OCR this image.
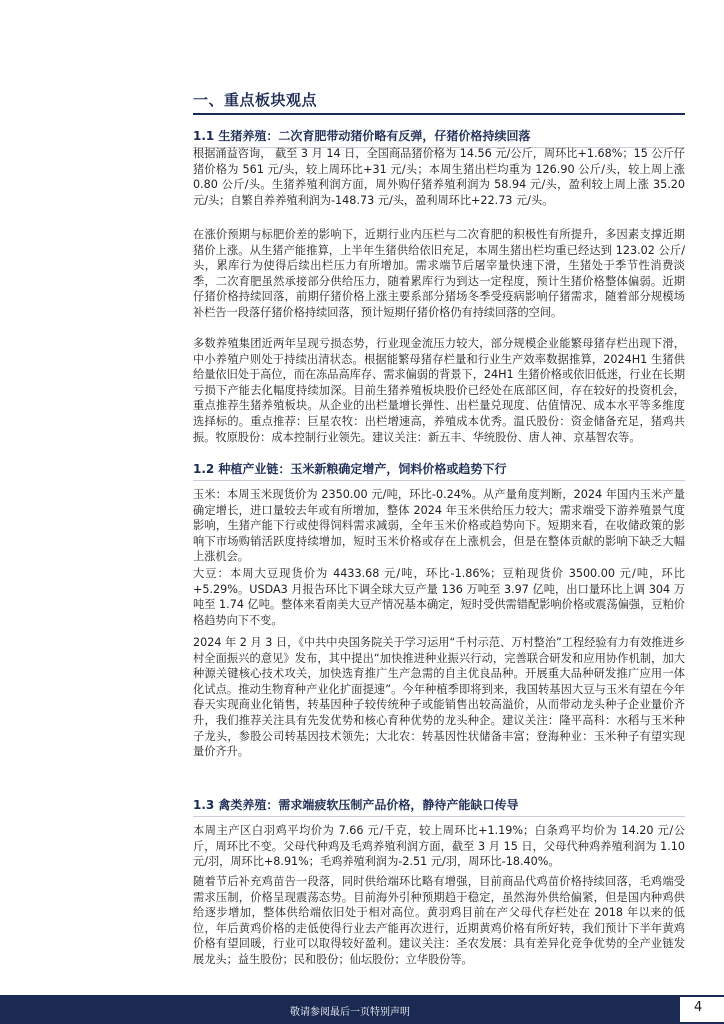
一、重点板块观点
1.1 生猪养殖：二次育肥带动猪价略有反弹，仔猪价格持续回落

根据涌益咨询， 截至 3 月 14 日，全国商品猪价格为 14.56 元/公斤，周环比+1.68%；15 公斤仔猪价格为 561 元/头，较上周环比+31 元/头；本周生猪出栏均重为 126.90 公斤/头，较上周上涨 0.80 公斤/头。生猪养殖利润方面，周外购仔猪养殖利润为 58.94 元/头，盈利较上周上涨 35.20 元/头；自繁自养养殖利润为-148.73 元/头，盈利周环比+22.73 元/头。

在涨价预期与标肥价差的影响下，近期行业内压栏与二次育肥的积极性有所提升，多因素支撑近期猪价上涨。从生猪产能推算，上半年生猪供给依旧充足，本周生猪出栏均重已经达到 123.02 公斤/头，累库行为使得后续出栏压力有所增加。需求端节后屠宰量快速下滑，生猪处于季节性消费淡季，二次育肥虽然承接部分供给压力，随着累库行为到达一定程度，预计生猪价格整体偏弱。近期仔猪价格持续回落，前期仔猪价格上涨主要系部分猪场冬季受疫病影响仔猪需求，随着部分规模场补栏告一段落仔猪价格持续回落，预计短期仔猪价格仍有持续回落的空间。

多数养殖集团近两年呈现亏损态势，行业现金流压力较大，部分规模企业能繁母猪存栏出现下滑，中小养殖户则处于持续出清状态。根据能繁母猪存栏量和行业生产效率数据推算，2024H1 生猪供给量依旧处于高位，而在冻品高库存、需求偏弱的背景下，24H1 生猪价格或依旧低迷，行业在长期亏损下产能去化幅度持续加深。目前生猪养殖板块股价已经处在底部区间，存在较好的投资机会，重点推荐生猪养殖板块。从企业的出栏量增长弹性、出栏量兑现度、估值情况、成本水平等多维度选择标的。重点推荐：巨星农牧：出栏增速高，养殖成本优秀。温氏股份：资金储备充足，猪鸡共振。牧原股份：成本控制行业领先。建议关注：新五丰、华统股份、唐人神、京基智农等。

1.2 种植产业链：玉米新粮确定增产，饲料价格或趋势下行

玉米：本周玉米现货价为 2350.00 元/吨，环比-0.24%。从产量角度判断，2024 年国内玉米产量确定增长，进口量较去年或有所增加，整体 2024 年玉米供给压力较大；需求端受下游养殖景气度影响，生猪产能下行或使得饲料需求减弱，全年玉米价格或趋势向下。短期来看，在收储政策的影响下市场购销活跃度持续增加，短时玉米价格或存在上涨机会，但是在整体贡献的影响下缺乏大幅上涨机会。

大豆：本周大豆现货价为 4433.68 元/吨，环比-1.86%；豆粕现货价 3500.00 元/吨，环比+5.29%。USDA3 月报告环比下调全球大豆产量 136 万吨至 3.97 亿吨，出口量环比上调 304 万吨至 1.74 亿吨。整体来看南美大豆产情况基本确定，短时受供需错配影响价格或震荡偏强，豆粕价格趋势向下不变。

2024 年 2 月 3 日，《中共中央国务院关于学习运用“千村示范、万村整治”工程经验有力有效推进乡村全面振兴的意见》发布，其中提出“加快推进种业振兴行动，完善联合研发和应用协作机制，加大种源关键核心技术攻关，加快选育推广生产急需的自主优良品种。开展重大品种研发推广应用一体化试点。推动生物育种产业化扩面提速”。今年种植季即将到来，我国转基因大豆与玉米有望在今年春天实现商业化销售，转基因种子较传统种子或能销售出较高溢价，从而带动龙头种子企业量价齐升，我们推荐关注具有先发优势和核心育种优势的龙头种企。建议关注：隆平高科：水稻与玉米种子龙头，参股公司转基因技术领先；大北农：转基因性状储备丰富；登海种业：玉米种子有望实现量价齐升。

1.3 禽类养殖：需求端疲软压制产品价格，静待产能缺口传导

本周主产区白羽鸡平均价为 7.66 元/千克，较上周环比+1.19%；白条鸡平均价为 14.20 元/公斤，周环比不变。父母代种鸡及毛鸡养殖利润方面，截至 3 月 15 日，父母代种鸡养殖利润为 1.10 元/羽，周环比+8.91%；毛鸡养殖利润为-2.51 元/羽，周环比-18.40%。

随着节后补充鸡苗告一段落，同时供给端环比略有增强，目前商品代鸡苗价格持续回落，毛鸡端受需求压制，价格呈现震荡态势。目前海外引种预期趋于稳定，虽然海外供给偏紧，但是国内种鸡供给逐步增加，整体供给端依旧处于相对高位。黄羽鸡目前在产父母代存栏处在 2018 年以来的低位，年后黄鸡价格的走低使得行业去产能再次进行，近期黄鸡价格有所好转，我们预计下半年黄鸡价格有望回暖，行业可以取得较好盈利。建议关注：圣农发展：具有差异化竞争优势的全产业链发展龙头；益生股份；民和股份；仙坛股份；立华股份等。

敬请参阅最后一页特别声明	4
